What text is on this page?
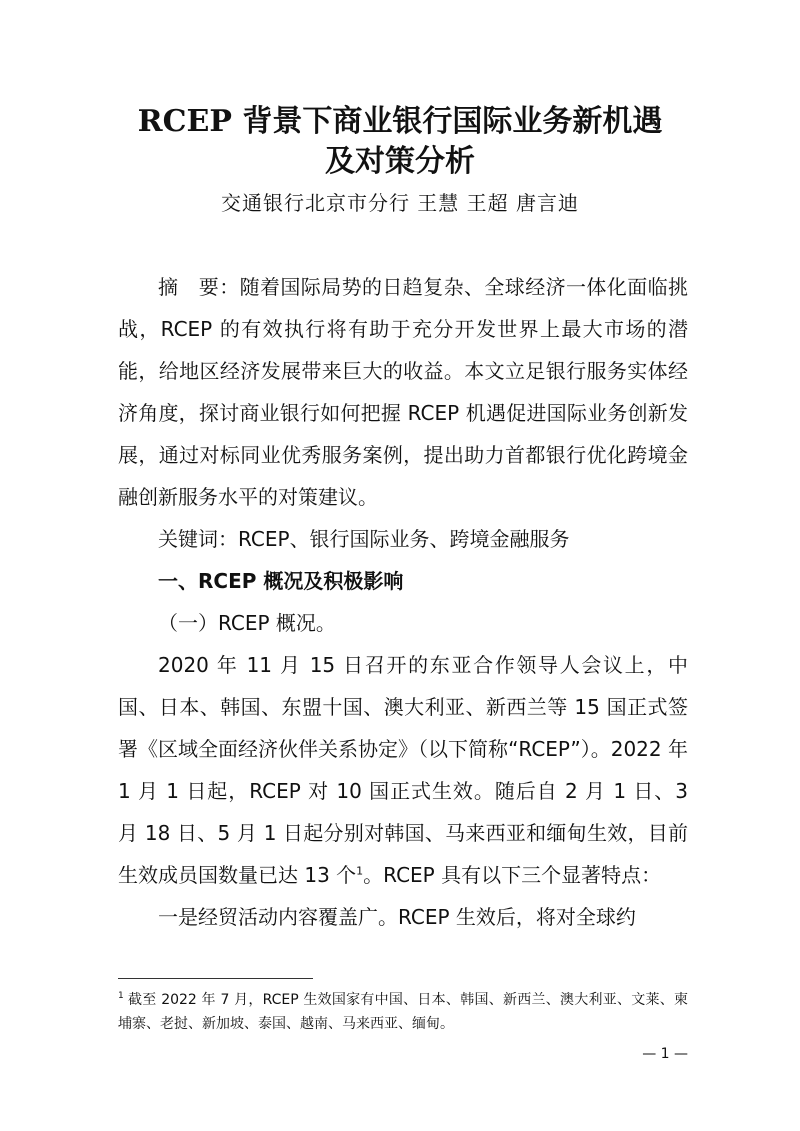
RCEP 背景下商业银行国际业务新机遇
及对策分析
交通银行北京市分行 王慧 王超 唐言迪

摘　要：随着国际局势的日趋复杂、全球经济一体化面临挑战，RCEP 的有效执行将有助于充分开发世界上最大市场的潜能，给地区经济发展带来巨大的收益。本文立足银行服务实体经济角度，探讨商业银行如何把握 RCEP 机遇促进国际业务创新发展，通过对标同业优秀服务案例，提出助力首都银行优化跨境金融创新服务水平的对策建议。

关键词：RCEP、银行国际业务、跨境金融服务

一、RCEP 概况及积极影响

（一）RCEP 概况。

2020 年 11 月 15 日召开的东亚合作领导人会议上，中国、日本、韩国、东盟十国、澳大利亚、新西兰等 15 国正式签署《区域全面经济伙伴关系协定》（以下简称“RCEP”）。2022 年 1 月 1 日起，RCEP 对 10 国正式生效。随后自 2 月 1 日、3 月 18 日、5 月 1 日起分别对韩国、马来西亚和缅甸生效，目前生效成员国数量已达 13 个$^1$。RCEP 具有以下三个显著特点：

一是经贸活动内容覆盖广。RCEP 生效后，将对全球约

$^1$ 截至 2022 年 7 月，RCEP 生效国家有中国、日本、韩国、新西兰、澳大利亚、文莱、柬埔寨、老挝、新加坡、泰国、越南、马来西亚、缅甸。
— 1 —
